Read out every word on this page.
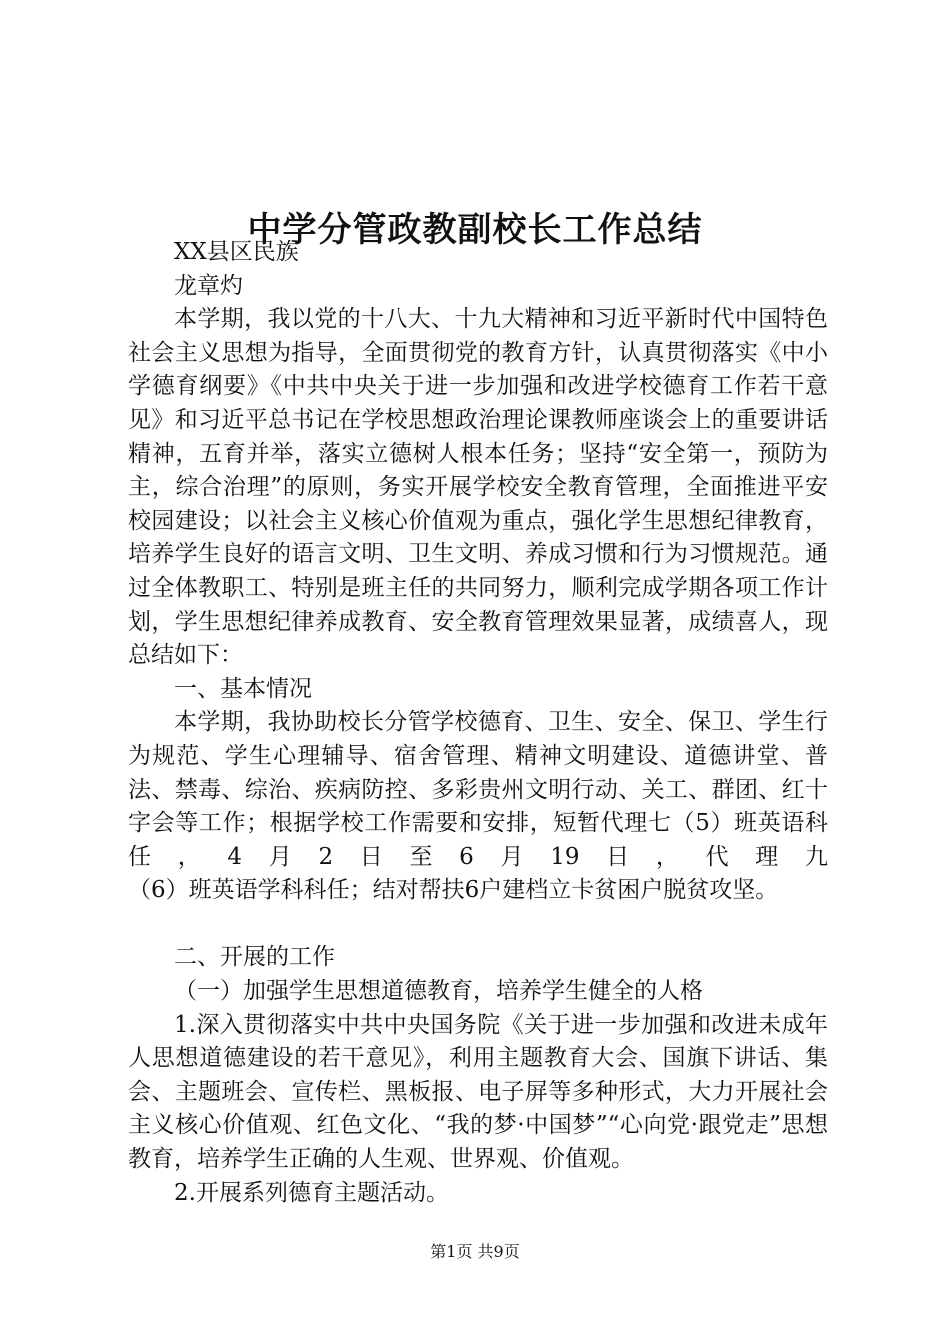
中学分管政教副校长工作总结

XX县区民族

龙章灼

本学期，我以党的十八大、十九大精神和习近平新时代中国特色社会主义思想为指导，全面贯彻党的教育方针，认真贯彻落实《中小学德育纲要》《中共中央关于进一步加强和改进学校德育工作若干意见》和习近平总书记在学校思想政治理论课教师座谈会上的重要讲话精神，五育并举，落实立德树人根本任务；坚持“安全第一，预防为主，综合治理”的原则，务实开展学校安全教育管理，全面推进平安校园建设；以社会主义核心价值观为重点，强化学生思想纪律教育，培养学生良好的语言文明、卫生文明、养成习惯和行为习惯规范。通过全体教职工、特别是班主任的共同努力，顺利完成学期各项工作计划，学生思想纪律养成教育、安全教育管理效果显著，成绩喜人，现总结如下：

一、基本情况

本学期，我协助校长分管学校德育、卫生、安全、保卫、学生行为规范、学生心理辅导、宿舍管理、精神文明建设、道德讲堂、普法、禁毒、综治、疾病防控、多彩贵州文明行动、关工、群团、红十字会等工作；根据学校工作需要和安排，短暂代理七（5）班英语科任，4月2日至6月19日，代理九

（6）班英语学科科任；结对帮扶6户建档立卡贫困户脱贫攻坚。

二、开展的工作

（一）加强学生思想道德教育，培养学生健全的人格

1.深入贯彻落实中共中央国务院《关于进一步加强和改进未成年人思想道德建设的若干意见》，利用主题教育大会、国旗下讲话、集会、主题班会、宣传栏、黑板报、电子屏等多种形式，大力开展社会主义核心价值观、红色文化、“我的梦·中国梦”“心向党·跟党走”思想教育，培养学生正确的人生观、世界观、价值观。

2.开展系列德育主题活动。

第1页 共9页
